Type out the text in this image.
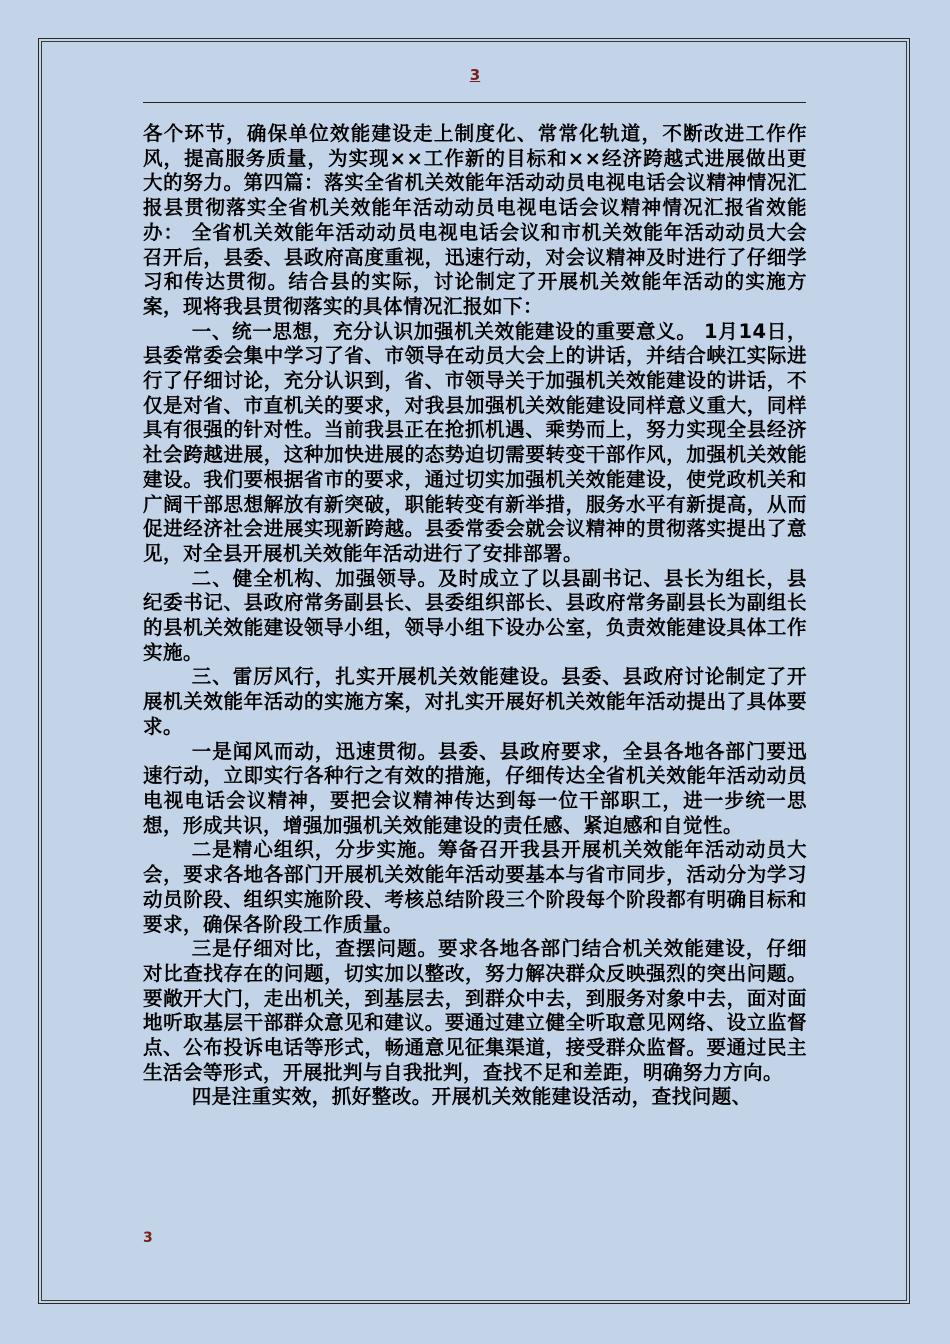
3

各个环节，确保单位效能建设走上制度化、常常化轨道，不断改进工作作风，提高服务质量，为实现××工作新的目标和××经济跨越式进展做出更大的努力。第四篇：落实全省机关效能年活动动员电视电话会议精神情况汇报县贯彻落实全省机关效能年活动动员电视电话会议精神情况汇报省效能办： 全省机关效能年活动动员电视电话会议和市机关效能年活动动员大会召开后，县委、县政府高度重视，迅速行动，对会议精神及时进行了仔细学习和传达贯彻。结合县的实际，讨论制定了开展机关效能年活动的实施方案，现将我县贯彻落实的具体情况汇报如下：

一、统一思想，充分认识加强机关效能建设的重要意义。 1月14日，县委常委会集中学习了省、市领导在动员大会上的讲话，并结合峡江实际进行了仔细讨论，充分认识到，省、市领导关于加强机关效能建设的讲话，不仅是对省、市直机关的要求，对我县加强机关效能建设同样意义重大，同样具有很强的针对性。当前我县正在抢抓机遇、乘势而上，努力实现全县经济社会跨越进展，这种加快进展的态势迫切需要转变干部作风，加强机关效能建设。我们要根据省市的要求，通过切实加强机关效能建设，使党政机关和广阔干部思想解放有新突破，职能转变有新举措，服务水平有新提高，从而促进经济社会进展实现新跨越。县委常委会就会议精神的贯彻落实提出了意见，对全县开展机关效能年活动进行了安排部署。

二、健全机构、加强领导。及时成立了以县副书记、县长为组长，县纪委书记、县政府常务副县长、县委组织部长、县政府常务副县长为副组长的县机关效能建设领导小组，领导小组下设办公室，负责效能建设具体工作实施。

三、雷厉风行，扎实开展机关效能建设。县委、县政府讨论制定了开展机关效能年活动的实施方案，对扎实开展好机关效能年活动提出了具体要求。

一是闻风而动，迅速贯彻。县委、县政府要求，全县各地各部门要迅速行动，立即实行各种行之有效的措施，仔细传达全省机关效能年活动动员电视电话会议精神，要把会议精神传达到每一位干部职工，进一步统一思想，形成共识，增强加强机关效能建设的责任感、紧迫感和自觉性。

二是精心组织，分步实施。筹备召开我县开展机关效能年活动动员大会，要求各地各部门开展机关效能年活动要基本与省市同步，活动分为学习动员阶段、组织实施阶段、考核总结阶段三个阶段每个阶段都有明确目标和要求，确保各阶段工作质量。

三是仔细对比，查摆问题。要求各地各部门结合机关效能建设，仔细对比查找存在的问题，切实加以整改，努力解决群众反映强烈的突出问题。要敞开大门，走出机关，到基层去，到群众中去，到服务对象中去，面对面地听取基层干部群众意见和建议。要通过建立健全听取意见网络、设立监督点、公布投诉电话等形式，畅通意见征集渠道，接受群众监督。要通过民主生活会等形式，开展批判与自我批判，查找不足和差距，明确努力方向。

四是注重实效，抓好整改。开展机关效能建设活动，查找问题、

3
